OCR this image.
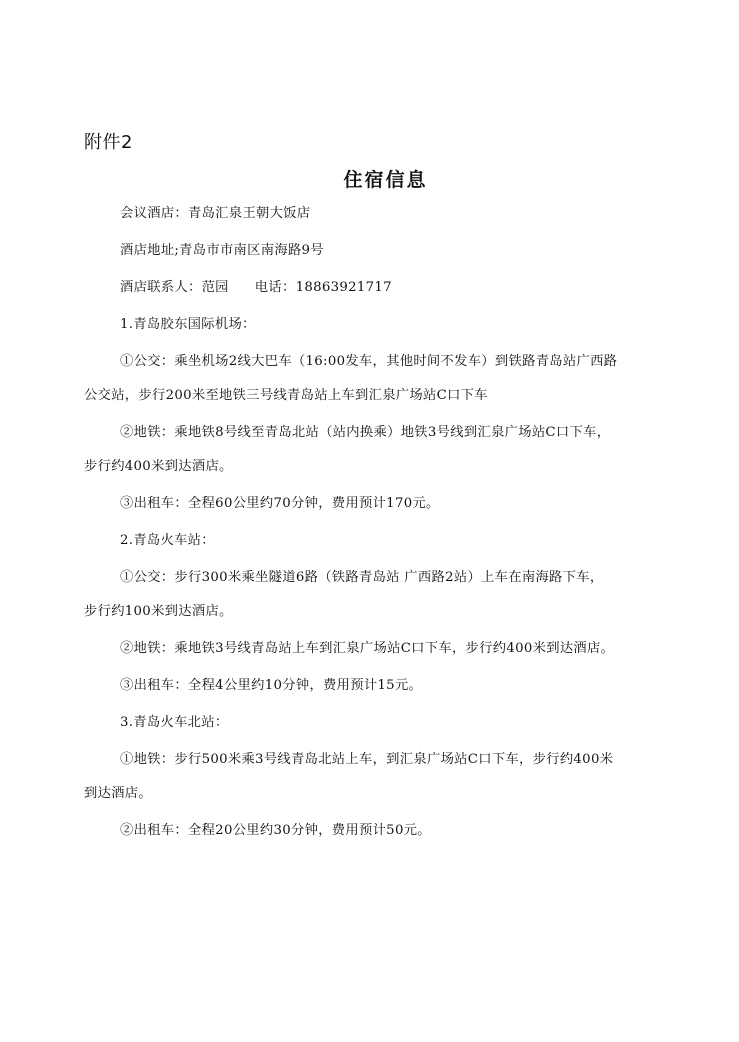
附件2
住宿信息
会议酒店：青岛汇泉王朝大饭店
酒店地址;青岛市市南区南海路9号
酒店联系人：范园 电话：18863921717
1.青岛胶东国际机场：
①公交：乘坐机场2线大巴车（16:00发车，其他时间不发车）到铁路青岛站广西路
公交站，步行200米至地铁三号线青岛站上车到汇泉广场站C口下车
②地铁：乘地铁8号线至青岛北站（站内换乘）地铁3号线到汇泉广场站C口下车，
步行约400米到达酒店。
③出租车：全程60公里约70分钟，费用预计170元。
2.青岛火车站：
①公交：步行300米乘坐隧道6路（铁路青岛站 广西路2站）上车在南海路下车，
步行约100米到达酒店。
②地铁：乘地铁3号线青岛站上车到汇泉广场站C口下车，步行约400米到达酒店。
③出租车：全程4公里约10分钟，费用预计15元。
3.青岛火车北站：
①地铁：步行500米乘3号线青岛北站上车，到汇泉广场站C口下车，步行约400米
到达酒店。
②出租车：全程20公里约30分钟，费用预计50元。
